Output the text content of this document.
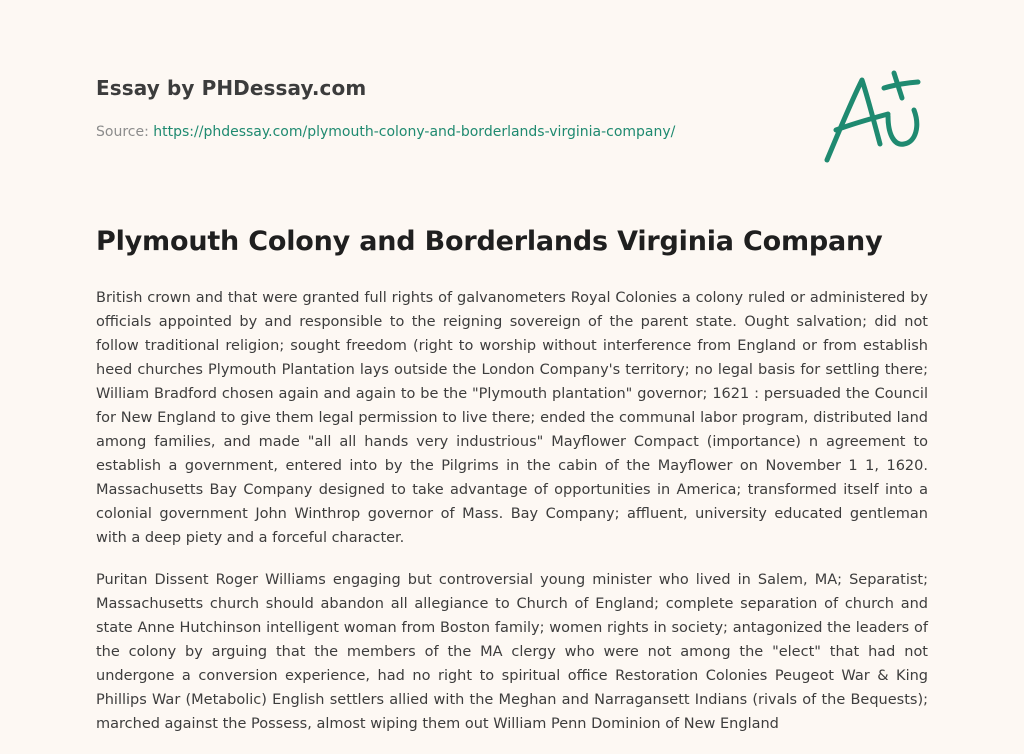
Essay by PHDessay.com
Source: https://phdessay.com/plymouth-colony-and-borderlands-virginia-company/
Plymouth Colony and Borderlands Virginia Company

British crown and that were granted full rights of galvanometers Royal Colonies a colony ruled or administered by officials appointed by and responsible to the reigning sovereign of the parent state. Ought salvation; did not follow traditional religion; sought freedom (right to worship without interference from England or from establish heed churches Plymouth Plantation lays outside the London Company's territory; no legal basis for settling there; William Bradford chosen again and again to be the "Plymouth plantation" governor; 1621 : persuaded the Council for New England to give them legal permission to live there; ended the communal labor program, distributed land among families, and made "all all hands very industrious" Mayflower Compact (importance) n agreement to establish a government, entered into by the Pilgrims in the cabin of the Mayflower on November 1 1, 1620. Massachusetts Bay Company designed to take advantage of opportunities in America; transformed itself into a colonial government John Winthrop governor of Mass. Bay Company; affluent, university educated gentleman with a deep piety and a forceful character.

Puritan Dissent Roger Williams engaging but controversial young minister who lived in Salem, MA; Separatist; Massachusetts church should abandon all allegiance to Church of England; complete separation of church and state Anne Hutchinson intelligent woman from Boston family; women rights in society; antagonized the leaders of the colony by arguing that the members of the MA clergy who were not among the "elect" that had not undergone a conversion experience, had no right to spiritual office Restoration Colonies Peugeot War & King Phillips War (Metabolic) English settlers allied with the Meghan and Narragansett Indians (rivals of the Bequests); marched against the Possess, almost wiping them out William Penn Dominion of New England
